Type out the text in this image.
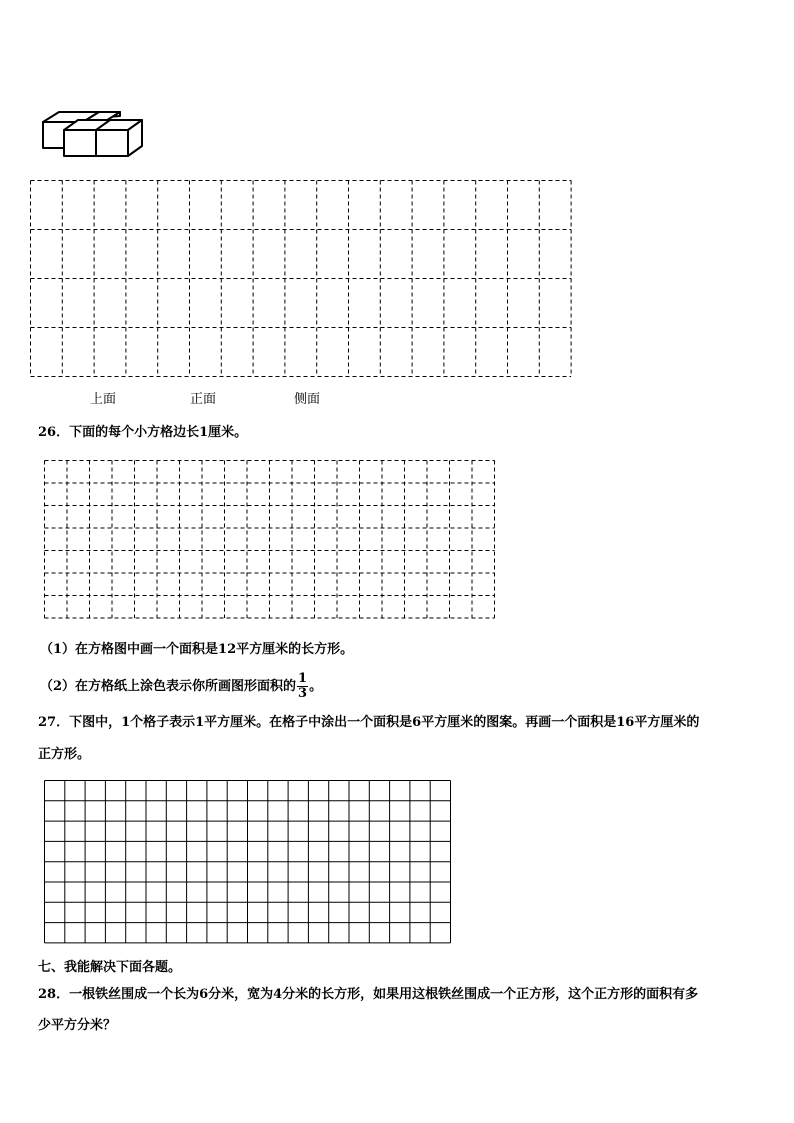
上面	正面	侧面
26．下面的每个小方格边长1厘米。
（1）在方格图中画一个面积是12平方厘米的长方形。
（2）在方格纸上涂色表示你所画图形面积的 $\frac{1}{3}$ 。
27．下图中，1个格子表示1平方厘米。在格子中涂出一个面积是6平方厘米的图案。再画一个面积是16平方厘米的
正方形。
七、我能解决下面各题。
28．一根铁丝围成一个长为6分米，宽为4分米的长方形，如果用这根铁丝围成一个正方形，这个正方形的面积有多
少平方分米？
